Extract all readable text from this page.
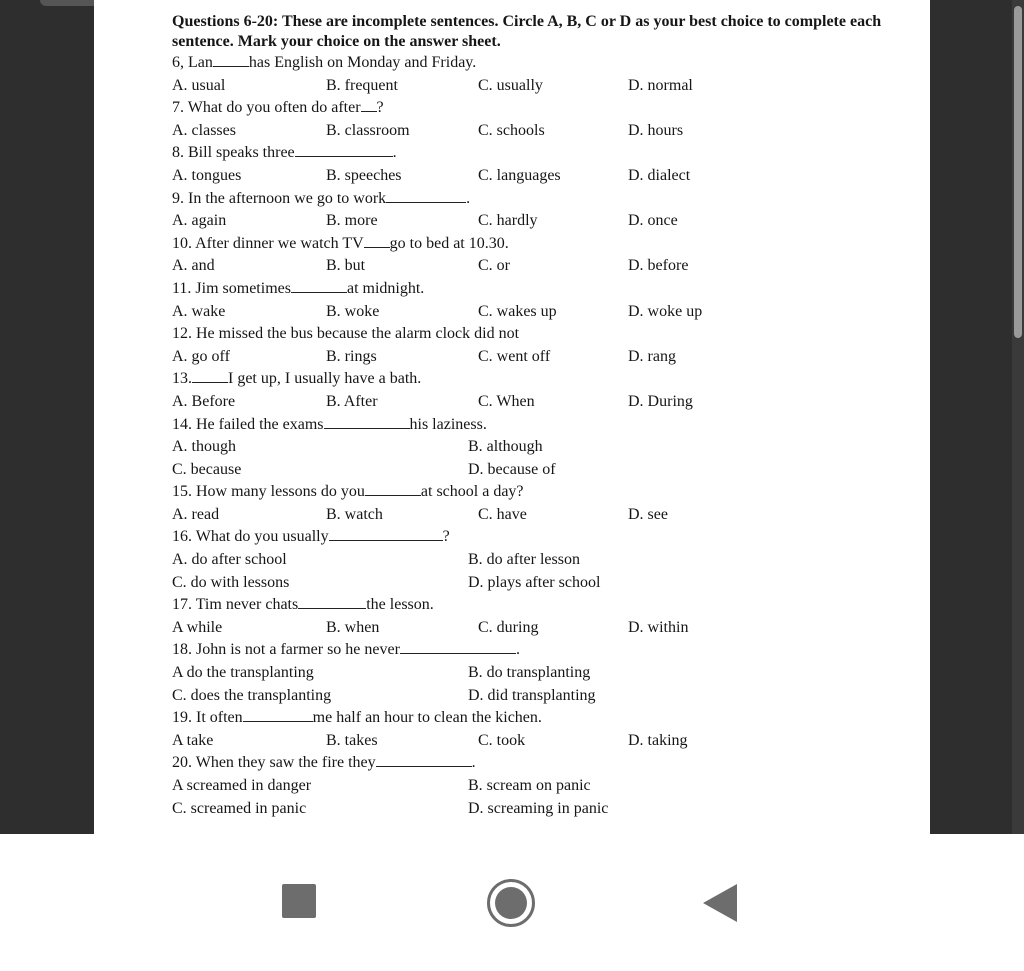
Questions 6-20: These are incomplete sentences. Circle A, B, C or D as your best choice to complete each sentence. Mark your choice on the answer sheet.
6, Lan has English on Monday and Friday.
A. usual	B. frequent	C. usually	D. normal
7. What do you often do after ?
A. classes	B. classroom	C. schools	D. hours
8. Bill speaks three	.
A. tongues	B. speeches	C. languages	D. dialect
9. In the afternoon we go to work	.
A. again	B. more	C. hardly	D. once
10. After dinner we watch TV go to bed at 10.30.
A. and	B. but	C. or	D. before
11. Jim sometimes	at midnight.
A. wake	B. woke	C. wakes up	D. woke up
12. He missed the bus because the alarm clock did not
A. go off	B. rings	C. went off	D. rang
13. I get up, I usually have a bath.
A. Before	B. After	C. When	D. During
14. He failed the exams	his laziness.
A. though	B. although
C. because	D. because of
15. How many lessons do you	at school a day?
A. read	B. watch	C. have	D. see
16. What do you usually	?
A. do after school	B. do after lesson
C. do with lessons	D. plays after school
17. Tim never chats	the lesson.
A while	B. when	C. during	D. within
18. John is not a farmer so he never	.
A do the transplanting	B. do transplanting
C. does the transplanting	D. did transplanting
19. It often	me half an hour to clean the kichen.
A take	B. takes	C. took	D. taking
20. When they saw the fire they	.
A screamed in danger	B. scream on panic
C. screamed in panic	D. screaming in panic
